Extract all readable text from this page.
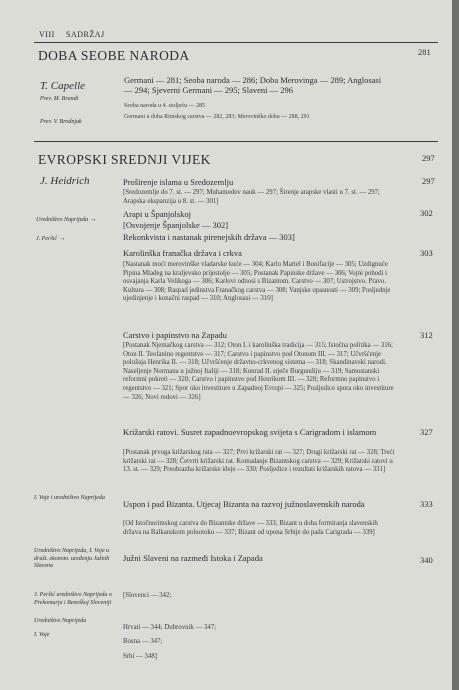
VIII SADRŽAJ
DOBA SEOBE NARODA	281
T. Capelle
Prev. M. Brandt
Germani — 281; Seoba naroda — 286; Doba Merovinga — 289; Anglosasi — 294; Sjeverni Germani — 295; Slaveni — 296
Seoba naroda u 4. stoljeću — 285
Prev. V. Brodnjak
Germani u doba Rimskog carstva — 282, 283; Merovinško doba — 288, 291
EVROPSKI SREDNJI VIJEK	297
J. Heidrich	Proširenje islama u Sredozemlju	297
[Sredozemlje do 7. st. — 297; Muhamedov nauk — 297; Širenje arapske vlasti u 7. st. — 297; Arapska ekspanzija u 8. st. — 301]
Uredništvo Naprijeda →	Arapi u Španjolskoj	302
[Osvojenje Španjolske — 302]
J. Peršić →	Rekonkvista i nastanak pirenejskih država — 303]
Karolinška franačka država i crkva	303
[Nastanak moći merovinške vladarske kuće — 304; Karlo Martel i Bonifacije — 305; Uzdignuće Pipina Mladeg na kraljevsko prijestolje — 305; Postanak Papinske države — 306; Vojni pohodi i osvajanja Karla Velikoga — 306; Karlovi odnosi s Bizantom. Carstvo — 307; Ustrojstvo. Pravo. Kultura — 308; Raspad jedinstva Franačkog carstva — 308; Vanjske opasnosti — 309; Posljednje ujedinjenje i konačni raspad — 310; Anglosasi — 310]
Carstvo i papinstvo na Zapadu	312
[Postanak Njemačkog carstva — 312; Oton I. i karolinška tradicija — 315; Istočna politika — 316; Oton II. Teofanino regentstvo — 317; Carstvo i papinstvo pod Otonom III. — 317; Učvršćenje položaja Henrika II. — 318; Učvršćenje državno-crkvenog sistema — 318; Skandinavski narodi. Naseljenje Normana u južnoj Italiji — 318; Konrad II. stječe Burgundiju — 319; Samostanski reformni pokreti — 320; Carstvo i papinstvo pod Henrikom III. — 320; Reformno papinstvo i regentstvo — 321; Spor oko investiture u Zapadnoj Evropi — 325; Posljedice spora oko investiture — 326; Novi redovi — 326]
Križarski ratovi. Susret zapadnoevropskog svijeta s Carigradom i islamom	327
[Postanak prvoga križarskog rata — 327; Prvi križarski rat — 327; Drugi križarski rat — 328; Treći križarski rat — 328; Četvrti križarski rat. Komadanje Bizantskog carstva — 329; Križarski ratovi u 13. st. — 329; Preobrazba križarske ideje — 330; Posljedice i rezultati križarskih ratova — 331]
I. Voje i uredništvo Naprijeda
Uspon i pad Bizanta. Utjecaj Bizanta na razvoj južnoslavenskih naroda	333
[Od Istočnorimskog carstva do Bizantske države — 333; Bizant u doba formiranja slavenskih država na Balkanskom poluotoku — 337; Bizant od upona Srbije do pada Carigrada — 339]
Uredništvo Naprijeda, I. Voje u društ. ekonom. uređenju Južnih Slavena
Južni Slaveni na razmeđi Istoka i Zapada	340
J. Peršić uredništvo Naprijeda o Prekomurju i Beneškoj Sloveniji
[Slovenci — 342;
Uredništvo Naprijeda
Hrvati — 344; Dubrovnik — 347;
I. Voje
Bosna — 347;
Srbi — 348]
